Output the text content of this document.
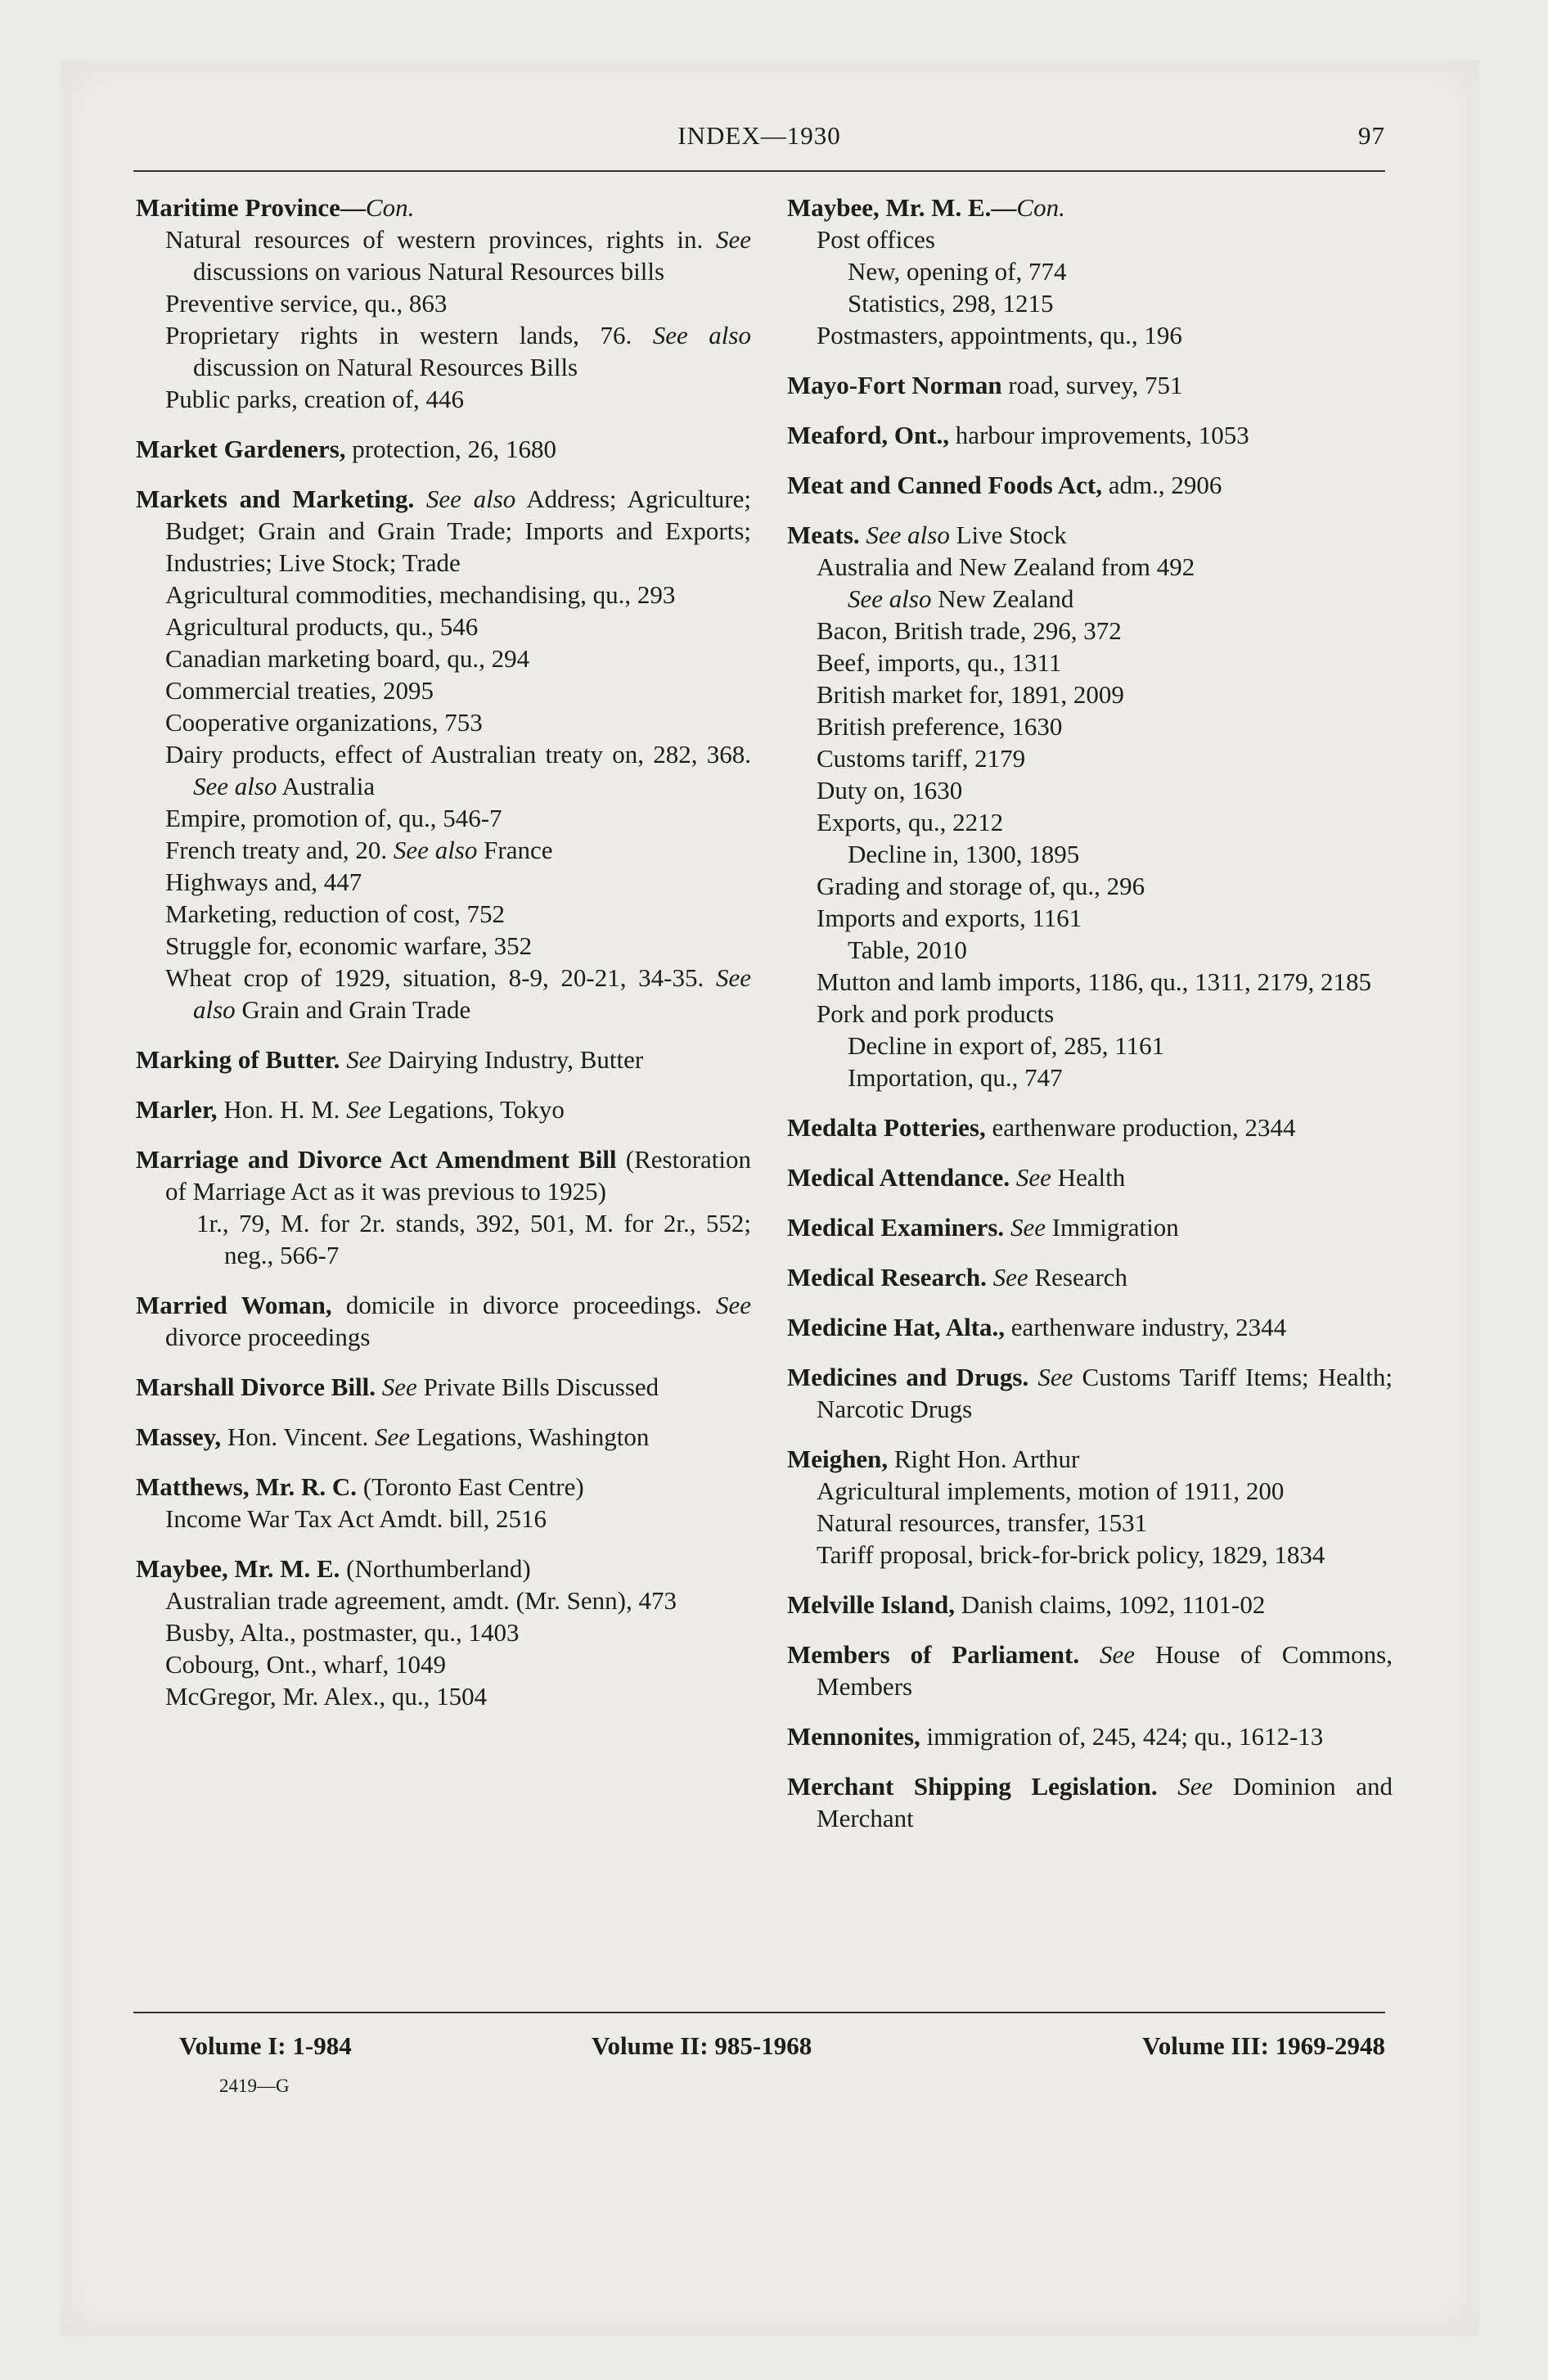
INDEX—1930	97

Maritime Province—Con.

Natural resources of western provinces, rights in. See discussions on various Natural Resources bills

Preventive service, qu., 863

Proprietary rights in western lands, 76. See also discussion on Natural Resources Bills

Public parks, creation of, 446

Market Gardeners, protection, 26, 1680

Markets and Marketing. See also Address; Agriculture; Budget; Grain and Grain Trade; Imports and Exports; Industries; Live Stock; Trade

Agricultural commodities, mechandising, qu., 293

Agricultural products, qu., 546

Canadian marketing board, qu., 294

Commercial treaties, 2095

Cooperative organizations, 753

Dairy products, effect of Australian treaty on, 282, 368. See also Australia

Empire, promotion of, qu., 546-7

French treaty and, 20. See also France

Highways and, 447

Marketing, reduction of cost, 752

Struggle for, economic warfare, 352

Wheat crop of 1929, situation, 8-9, 20-21, 34-35. See also Grain and Grain Trade

Marking of Butter. See Dairying Industry, Butter

Marler, Hon. H. M. See Legations, Tokyo

Marriage and Divorce Act Amendment Bill (Restoration of Marriage Act as it was previous to 1925)

1r., 79, M. for 2r. stands, 392, 501, M. for 2r., 552; neg., 566-7

Married Woman, domicile in divorce proceedings. See divorce proceedings

Marshall Divorce Bill. See Private Bills Discussed

Massey, Hon. Vincent. See Legations, Washington

Matthews, Mr. R. C. (Toronto East Centre)

Income War Tax Act Amdt. bill, 2516

Maybee, Mr. M. E. (Northumberland)

Australian trade agreement, amdt. (Mr. Senn), 473

Busby, Alta., postmaster, qu., 1403

Cobourg, Ont., wharf, 1049

McGregor, Mr. Alex., qu., 1504

Maybee, Mr. M. E.—Con.

Post offices

New, opening of, 774

Statistics, 298, 1215

Postmasters, appointments, qu., 196

Mayo-Fort Norman road, survey, 751

Meaford, Ont., harbour improvements, 1053

Meat and Canned Foods Act, adm., 2906

Meats. See also Live Stock

Australia and New Zealand from 492

See also New Zealand

Bacon, British trade, 296, 372

Beef, imports, qu., 1311

British market for, 1891, 2009

British preference, 1630

Customs tariff, 2179

Duty on, 1630

Exports, qu., 2212

Decline in, 1300, 1895

Grading and storage of, qu., 296

Imports and exports, 1161

Table, 2010

Mutton and lamb imports, 1186, qu., 1311, 2179, 2185

Pork and pork products

Decline in export of, 285, 1161

Importation, qu., 747

Medalta Potteries, earthenware production, 2344

Medical Attendance. See Health

Medical Examiners. See Immigration

Medical Research. See Research

Medicine Hat, Alta., earthenware industry, 2344

Medicines and Drugs. See Customs Tariff Items; Health; Narcotic Drugs

Meighen, Right Hon. Arthur

Agricultural implements, motion of 1911, 200

Natural resources, transfer, 1531

Tariff proposal, brick-for-brick policy, 1829, 1834

Melville Island, Danish claims, 1092, 1101-02

Members of Parliament. See House of Commons, Members

Mennonites, immigration of, 245, 424; qu., 1612-13

Merchant Shipping Legislation. See Dominion and Merchant

Volume I: 1-984	Volume II: 985-1968	Volume III: 1969-2948
2419—G
